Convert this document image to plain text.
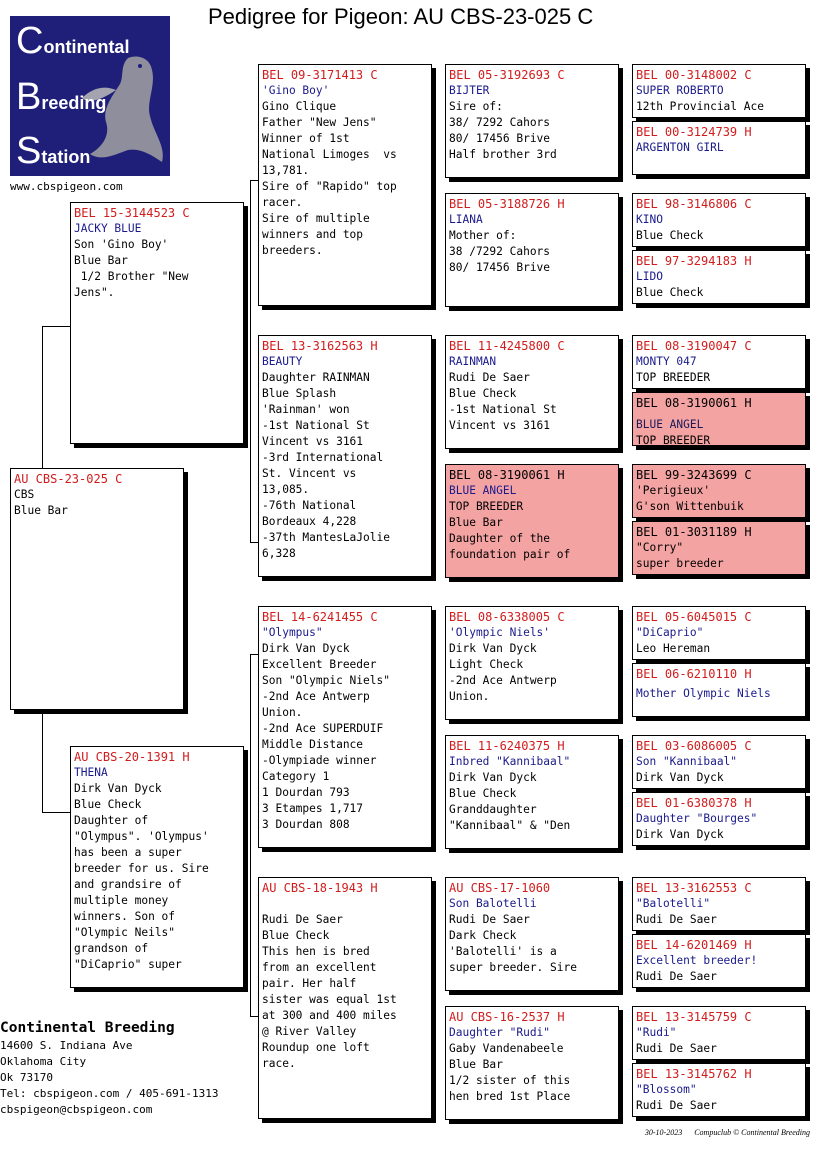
Pedigree for Pigeon: AU CBS-23-025 C
Continental
Breeding
Station
www.cbspigeon.com
AU CBS-23-025 C
CBS
Blue Bar
BEL 15-3144523 C
JACKY BLUE
Son 'Gino Boy'
Blue Bar
1/2 Brother "New
Jens".
AU CBS-20-1391 H
THENA
Dirk Van Dyck
Blue Check
Daughter of
"Olympus". 'Olympus'
has been a super
breeder for us. Sire
and grandsire of
multiple money
winners. Son of
"Olympic Neils"
grandson of
"DiCaprio" super
BEL 09-3171413 C
'Gino Boy'
Gino Clique
Father "New Jens"
Winner of 1st
National Limoges  vs
13,781.
Sire of "Rapido" top
racer.
Sire of multiple
winners and top
breeders.
BEL 13-3162563 H
BEAUTY
Daughter RAINMAN
Blue Splash
'Rainman' won
-1st National St
Vincent vs 3161
-3rd International
St. Vincent vs
13,085.
-76th National
Bordeaux 4,228
-37th MantesLaJolie
6,328
BEL 14-6241455 C
"Olympus"
Dirk Van Dyck
Excellent Breeder
Son "Olympic Niels"
-2nd Ace Antwerp
Union.
-2nd Ace SUPERDUIF
Middle Distance
-Olympiade winner
Category 1
1 Dourdan 793
3 Etampes 1,717
3 Dourdan 808
AU CBS-18-1943 H
Rudi De Saer
Blue Check
This hen is bred
from an excellent
pair. Her half
sister was equal 1st
at 300 and 400 miles
@ River Valley
Roundup one loft
race.
BEL 05-3192693 C
BIJTER
Sire of:
38/ 7292 Cahors
80/ 17456 Brive
Half brother 3rd
BEL 05-3188726 H
LIANA
Mother of:
38 /7292 Cahors
80/ 17456 Brive
BEL 11-4245800 C
RAINMAN
Rudi De Saer
Blue Check
-1st National St
Vincent vs 3161
BEL 08-3190061 H
BLUE ANGEL
TOP BREEDER
Blue Bar
Daughter of the
foundation pair of
BEL 08-6338005 C
'Olympic Niels'
Dirk Van Dyck
Light Check
-2nd Ace Antwerp
Union.
BEL 11-6240375 H
Inbred "Kannibaal"
Dirk Van Dyck
Blue Check
Granddaughter
"Kannibaal" & "Den
AU CBS-17-1060
Son Balotelli
Rudi De Saer
Dark Check
'Balotelli' is a
super breeder. Sire
AU CBS-16-2537 H
Daughter "Rudi"
Gaby Vandenabeele
Blue Bar
1/2 sister of this
hen bred 1st Place
BEL 00-3148002 C
SUPER ROBERTO
12th Provincial Ace
BEL 00-3124739 H
ARGENTON GIRL
BEL 98-3146806 C
KINO
Blue Check
BEL 97-3294183 H
LIDO
Blue Check
BEL 08-3190047 C
MONTY 047
TOP BREEDER
BEL 08-3190061 H
BLUE ANGEL
TOP BREEDER
BEL 99-3243699 C
'Perigieux'
G'son Wittenbuik
BEL 01-3031189 H
"Corry"
super breeder
BEL 05-6045015 C
"DiCaprio"
Leo Hereman
BEL 06-6210110 H
Mother Olympic Niels
BEL 03-6086005 C
Son "Kannibaal"
Dirk Van Dyck
BEL 01-6380378 H
Daughter "Bourges"
Dirk Van Dyck
BEL 13-3162553 C
"Balotelli"
Rudi De Saer
BEL 14-6201469 H
Excellent breeder!
Rudi De Saer
BEL 13-3145759 C
"Rudi"
Rudi De Saer
BEL 13-3145762 H
"Blossom"
Rudi De Saer
Continental Breeding
14600 S. Indiana Ave
Oklahoma City
Ok 73170
Tel: cbspigeon.com / 405-691-1313
cbspigeon@cbspigeon.com
30-10-2023 Compuclub © Continental Breeding
